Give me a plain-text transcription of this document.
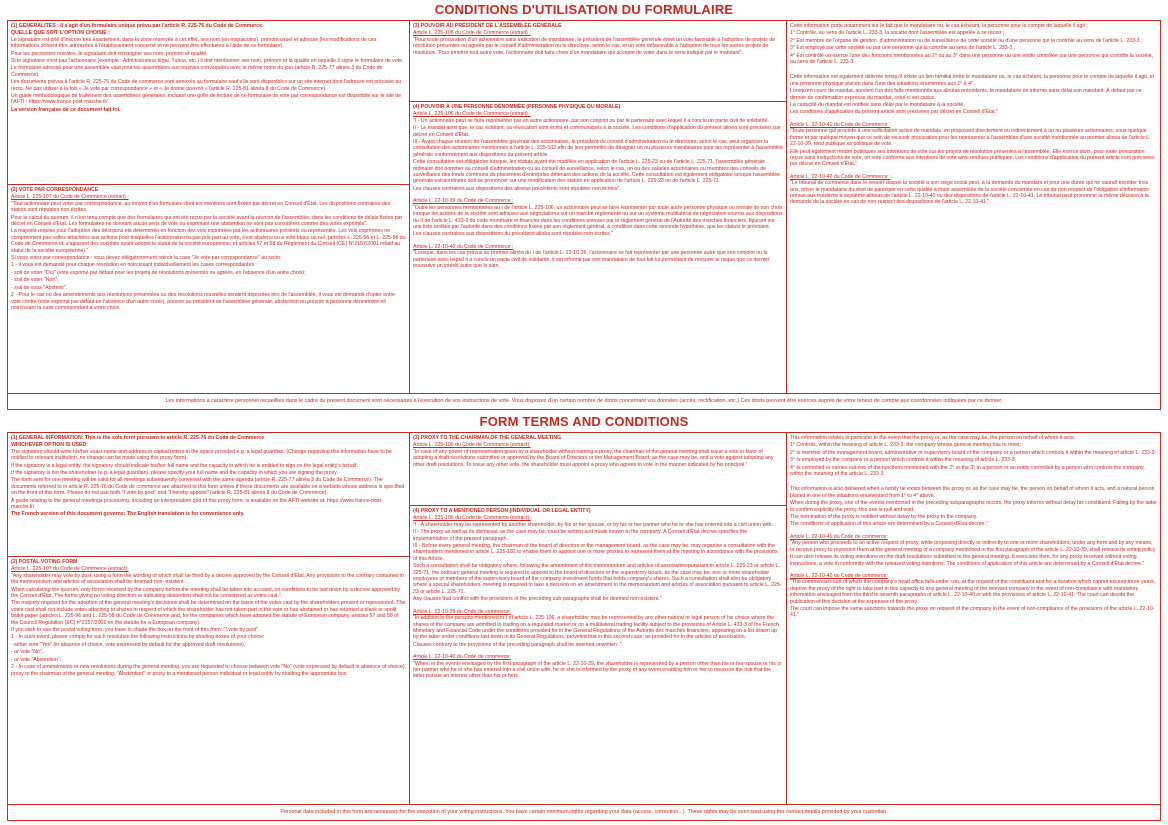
CONDITIONS D'UTILISATION DU FORMULAIRE
(1) GENERALITES : Il s'agit d'un formulaire unique prévu par l'article R. 225-76 du Code de Commerce.
QUELLE QUE SOIT L'OPTION CHOISIE :

Le signataire est prié d'inscrire très exactement, dans la zone réservée à cet effet, ses nom (en majuscules), prénom usuel et adresse (les modifications de ces informations doivent être adressées à l'établissement concerné et ne peuvent être effectuées à l'aide de ce formulaire).

Pour les personnes morales, le signataire doit renseigner ses nom, prénom et qualité.

Si le signataire n'est pas l'actionnaire (exemple : Administrateur légal, Tuteur, etc.) il doit mentionner ses nom, prénom et la qualité en laquelle il signe le formulaire de vote.

Le formulaire adressé pour une assemblée vaut pour les assemblées successives convoquées avec le même ordre du jour (article R. 225-77 alinéa 3 du Code de Commerce).

Les documents prévus à l'article R. 225-76 du Code de commerce sont annexés au formulaire sauf s'ils sont disponibles sur un site internet dont l'adresse est précisée au recto. Ne pas utiliser à la fois « Je vote par correspondance » et « Je donne pouvoir » (article R. 225-81 alinéa 8 du Code de Commerce).

Un guide méthodologique de traitement des assemblées générales, incluant une grille de lecture de ce formulaire de vote par correspondance est disponible sur le site de l'AFTI : https://www.france-post-marche.fr/

La version française de ce document fait foi.

(2) VOTE PAR CORRESPONDANCE
Article L. 225-107 du Code de Commerce (extrait) :

"Tout actionnaire peut voter par correspondance, au moyen d'un formulaire dont les mentions sont fixées par décret en Conseil d'État. Les dispositions contraires des statuts sont réputées non écrites.

Pour le calcul du quorum, il n'est tenu compte que des formulaires qui ont été reçus par la société avant la réunion de l'assemblée, dans les conditions de délais fixées par décret en Conseil d'État. Les formulaires ne donnant aucun sens de vote ou exprimant une abstention ne sont pas considérés comme des votes exprimés".

La majorité requise pour l'adoption des décisions est déterminée en fonction des voix exprimées par les actionnaires présents ou représentés. Les voix exprimées ne comprennent pas celles attachées aux actions pour lesquelles l'actionnaire n'a pas pris part au vote, s'est abstenu ou a voté blanc ou nul. (articles L. 225-96 et L. 225-98 du Code de Commerce et, s'agissant des sociétés ayant adopté le statut de la société européenne, et articles 57 et 58 du Règlement du Conseil (CE) N°2157/2001 relatif au statut de la société européenne)."

Si vous votez par correspondance : vous devez obligatoirement noircir la case "Je vote par correspondance" au recto.

1 - il vous est demandé pour chaque résolution en noircissant individuellement les cases correspondantes :

- soit de voter "Oui" (vote exprimé par défaut pour les projets de résolutions présentés ou agréés, en l'absence d'un autre choix);

- soit de voter "Non";

- soit de vous "Abstenir".

2 - Pour le cas où des amendements aux résolutions présentées ou des résolutions nouvelles seraient déposées lors de l'assemblée, il vous est demandé d'opter entre vote contre (vote exprimé par défaut en l'absence d'un autre choix), pouvoir au président de l'assemblée générale, abstention ou pouvoir à personne dénommée en noircissant la case correspondant à votre choix.

(3) POUVOIR AU PRÉSIDENT DE L'ASSEMBLÉE GÉNÉRALE
Article L. 225-106 du Code de Commerce (extrait) :

"Pour toute procuration d'un actionnaire sans indication de mandataire, le président de l'assemblée générale émet un vote favorable à l'adoption de projets de résolution présentés ou agréés par le conseil d'administration ou le directoire, selon le cas, et un vote défavorable à l'adoption de tous les autres projets de résolution. Pour émettre tout autre vote, l'actionnaire doit faire choix d'un mandataire qui accepte de voter dans le sens indiqué par le mandant".

(4) POUVOIR À UNE PERSONNE DÉNOMMÉE (PERSONNE PHYSIQUE OU MORALE)
Article L. 225-106 du Code de Commerce (extrait) :

"I - Un actionnaire peut se faire représenter par un autre actionnaire, par son conjoint ou par le partenaire avec lequel il a conclu un pacte civil de solidarité.

II - Le mandat ainsi que, le cas échéant, sa révocation sont écrits et communiqués à la société. Les conditions d'application du présent alinéa sont précisées par décret en Conseil d'État.

III - Avant chaque réunion de l'assemblée générale des actionnaires, le président du conseil d'administration ou le directoire, selon le cas, peut organiser la consultation des actionnaires mentionnés à l'article L. 225-102 afin de leur permettre de désigner un ou plusieurs mandataires pour les représenter à l'assemblée générale conformément aux dispositions du présent article.

Cette consultation est obligatoire lorsque, les statuts ayant été modifiés en application de l'article L. 225-23 ou de l'article L. 225-71, l'assemblée générale ordinaire doit nommer au conseil d'administration ou au conseil de surveillance, selon le cas, un ou des salariés actionnaires ou membres des conseils de surveillance des fonds communs de placement d'entreprise détenant des actions de la société. Cette consultation est également obligatoire lorsque l'assemblée générale extraordinaire doit se prononcer sur une modification des statuts en application de l'article L. 225-23 ou de l'article L. 225-71.

Les clauses contraires aux dispositions des alinéas précédents sont réputées non écrites".

Article L. 22-10-39 du Code de Commerce :

"Outre les personnes mentionnées au I de l'article L. 225-106, un actionnaire peut se faire représenter par toute autre personne physique ou morale de son choix lorsque les actions de la société sont admises aux négociations sur un marché réglementé ou sur un système multilatéral de négociation soumis aux dispositions du II de l'article L. 433-3 du code monétaire et financier dans les conditions prévues par le règlement général de l'Autorité des marchés financiers, figurant sur une liste arrêtée par l'autorité dans des conditions fixées par son règlement général, à condition dans cette seconde hypothèse, que les statuts le prévoient.

Les clauses contraires aux dispositions du précédent alinéa sont réputées non écrites."

Article L. 22-10-40 du Code de Commerce :

"Lorsque, dans les cas prévus au premier alinéa du I de l'article L. 22-10-39, l'actionnaire se fait représenter par une personne autre que son conjoint ou le partenaire avec lequel il a conclu un pacte civil de solidarité, il est informé par son mandataire de tout fait lui permettant de mesurer le risque que ce dernier poursuive un intérêt autre que le sien.

Cette information porte notamment sur le fait que le mandataire ou, le cas échéant, la personne pour le compte de laquelle il agit :

1° Contrôle, au sens de l'article L. 233-3, la société dont l'assemblée est appelée à se réunir ;

2° Est membre de l'organe de gestion, d'administration ou de surveillance de cette société ou d'une personne qui la contrôle au sens de l'article L. 233-3 ;

3° Est employé par cette société ou par une personne qui la contrôle au sens de l'article L. 233-3 ;

4° Est contrôlé ou exerce l'une des fonctions mentionnées au 2° ou au 3° dans une personne ou une entité contrôlée par une personne qui contrôle la société, au sens de l'article L. 233-3.

Cette information est également délivrée lorsqu'il existe un lien familial entre le mandataire ou, le cas échéant, la personne pour le compte de laquelle il agit, et une personne physique placée dans l'une des situations énumérées aux 1° à 4°.

Lorsqu'en cours de mandat, survient l'un des faits mentionnés aux alinéas précédents, le mandataire en informe sans délai son mandant. À défaut par ce dernier de confirmation expresse du mandat, celui-ci est caduc.

La caducité du mandat est notifiée sans délai par le mandataire à la société.

Les conditions d'application du présent article sont précisées par décret en Conseil d'État."

Article L. 22-10-41 du Code de Commerce :

"Toute personne qui procède à une sollicitation active de mandats, en proposant directement ou indirectement à un ou plusieurs actionnaires, sous quelque forme et par quelque moyen que ce soit, de recevoir procuration pour les représenter à l'assemblée d'une société mentionnée au premier alinéa de l'article L. 22-10-39, rend publique sa politique de vote.

Elle peut également rendre publiques ses intentions de vote sur les projets de résolution présentés à l'assemblée. Elle exerce alors, pour toute procuration reçue sans instructions de vote, un vote conforme aux intentions de vote ainsi rendues publiques. Les conditions d'application du présent article sont précisées par décret en Conseil d'État."

Article L. 22-10-42 du Code de Commerce :

"Le tribunal de commerce dans le ressort duquel la société a son siège social peut, à la demande du mandant et pour une durée qui ne saurait excéder trois ans, priver le mandataire du droit de participer en cette qualité à toute assemblée de la société concernée en cas de non-respect de l'obligation d'information prévue aux troisième à septième alinéas de l'article L. 22-10-40 ou des dispositions de l'article L. 22-10-41. Le tribunal peut prononcer la même décision à la demande de la société en cas de non-respect des dispositions de l'article L. 22-10-41."

Les informations à caractère personnel recueillies dans le cadre du présent document sont nécessaires à l'exécution de vos instructions de vote. Vous disposez d'un certain nombre de droits concernant vos données (accès, rectification, etc.) Ces droits peuvent être exercés auprès de votre teneur de compte aux coordonnées indiquées par ce dernier.
FORM TERMS AND CONDITIONS
(1) GENERAL INFORMATION: This is the sole form pursuant to article R. 225-76 du Code de Commerce
WHICHEVER OPTION IS USED:

The signatory should write his/her exact name and address in capital letters in the space provided e.g. a legal guardian: (Change regarding this information have to be notified to relevant institution, no change can be made using this proxy form).

If the signatory is a legal entity, the signatory should indicate his/her full name and the capacity in which he is entitled to sign on the legal entity's behalf.

If the signatory is not the shareholder (e.g. a legal guardian), please specify your full name and the capacity in which you are signing the proxy.

The form sent for one meeting will be valid for all meetings subsequently convened with the same agenda (article R. 225-77 alinéa 3 du Code de Commerce). The documents referred to in article R. 225-76 du Code de commerce are attached to this form unless if these documents are available on a website whose address is specified on the front of this form. Please do not use both "I vote by post" and "I hereby appoint" (article R. 225-81 alinéa 8 du Code de Commerce).

A guide relating to the general meetings processing, including an interpretation grid of this proxy form, is available on the AFTI website at: https://www.france-post-marche.fr/

The French version of this document governs; The English translation is for convenience only.

(2) POSTAL VOTING FORM
Article L. 225-107 du Code de Commerce (extract):

"Any shareholder may vote by post, using a form the wording of which shall be fixed by a decree approved by the Conseil d'Etat. Any provisions to the contrary contained in the memorandum and articles of association shall be deemed non- existent.

When calculating the quorum, only forms received by the company before the meeting shall be taken into account, on conditions to be laid down by a decree approved by the Conseil d'État. The forms giving no voting direction or indicating abstention shall not be considered as votes cast."

The majority required for the adoption of the general meeting's decisions shall be determined on the basis of the votes cast by the shareholders present or represented. The votes cast shall not include votes attaching to shares in respect of which the shareholder has not taken part in the vote or has abstained or has returned a blank or spoilt ballot paper (articles L. 225-96 and L. 225-98 du Code de Commerce and, for the companies which have adopted the statute of European company, articles 57 and 58 of the Council Regulation (EC) n°2157/2001 on the statute for a European company).

If you wish to use the postal voting form, you have to shade the box on the front of this form: "I vote by post".

1 - In such event, please comply for each resolution the following instructions by shading boxes of your choice:

- either vote "Yes" (in absence of choice, vote expressed by default for the approved draft resolutions),

- or vote "No",

- or vote "Abstention".

2 - In case of amendments or new resolutions during the general meeting, you are requested to choose between vote "No" (vote expressed by default in absence of choice), proxy to the chairman of the general meeting, "Abstention" or proxy to a mentioned person individual or legal entity by shading the appropriate box.

(3) PROXY TO THE CHAIRMAN OF THE GENERAL MEETING
Article L. 225-106 du Code de Commerce (extract):

"In case of any power of representation given by a shareholder without naming a proxy, the chairman of the general meeting shall issue a vote in favor of adopting a draft resolutions submitted or approved by the Board of Directors or the Management Board, as the case may be, and a vote against adopting any other draft resolutions. To issue any other vote, the shareholder must appoint a proxy who agrees to vote in the manner indicated by his principal."

(4) PROXY TO A MENTIONED PERSON (INDIVIDUAL OR LEGAL ENTITY)
Article L. 225-106 du Code de Commerce (extract):

"I - A shareholder may be represented by another shareholder, by his or her spouse, or by his or her partner who he or she has entered into a civil union with.

II - The proxy as well as its dismissal, as the case may be, must be written and made known to the company. A Conseil d'État decree specifies the implementation of the present paragraph.

III - Before every general meeting, the chairman of the board of directors or the management board, as the case may be, may organise a consultation with the shareholders mentioned in article L. 225-102 to enable them to appoint one or more proxies to represent them at the meeting in accordance with the provisions of this Article.

Such a consultation shall be obligatory where, following the amendment of the memorandum and articles of association pursuant to article L. 225-23 or article L. 225-71, the ordinary general meeting is required to appoint to the board of directors or the supervisory board, as the case may be, one or more shareholder employees or members of the supervisory board of the company investment funds that holds company's shares. Such a consultation shall also be obligatory where a special shareholders' meeting is required to take a decision on an amendment to the memorandum and articles of association pursuant to article L. 225-23 or article L. 225-71.

Any clauses that conflict with the provisions of the preceding sub-paragraphs shall be deemed non-existent."

Article L. 22-10-39 du Code de commerce:

"In addition to the persons mentioned in I of article L. 225-106, a shareholder may be represented by any other natural or legal person of his choice where the shares of the company are admitted to trading on a regulated market or on a multilateral trading facility subject to the provisions of Article L. 433-3 of the French Monetary and Financial Code under the conditions provided for in the General Regulations of the Autorité des marchés financiers, appearing on a list drawn up by the latter under conditions laid down in its General Regulations, provided that in this second case, as provided for in the articles of association.

Clauses contrary to the provisions of the preceding paragraph shall be deemed unwritten ."

Article L. 22-10-40 du Code de commerce:

"When, in the events envisaged by the first paragraph of the article L. 22-10-39, the shareholder is represented by a person other than his or her spouse or his or her partner who he or she has entered into a civil union with, he or she is informed by the proxy of any event enabling him or her to measure the risk that the latter pursue an interest other than his or hers.

This information relates in particular to the event that the proxy or, as the case may be, the person on behalf of whom it acts:

1° Controls, within the meaning of article L. 233-3, the company whose general meeting has to meet;

2° Is member of the management board, administrative or supervisory board of the company or a person which controls it within the meaning of article L. 233-3;

3° Is employed by the company or a person which controls it within the meaning of article L. 233-3;

4° Is controlled or carries out one of the functions mentioned with the 2° or the 3° in a person or an entity controlled by a person who controls the company, within the meaning of the article L. 233-3.

This information is also delivered when a family tie exists between the proxy or, as the case may be, the person on behalf of whom it acts, and a natural person placed in one of the situations enumerated from 1° to 4° above.

When during the proxy, one of the events mentioned in the preceding subparagraphs occurs, the proxy informs without delay his constituent. Failing by the latter to confirm explicitly the proxy, this one is null and void.

The termination of the proxy is notified without delay by the proxy to the company.

The conditions of application of this article are determined by a Conseil d'État decree."

Article L. 22-10-41 du Code de commerce:

"Any person who proceeds to an active request of proxy, while proposing directly or indirectly to one or more shareholders, under any form and by any means, to receive proxy to represent them at the general meeting of a company mentioned in the first paragraph of the article L. 22-10-39, shall release its voting policy.

It can also release its voting intentions on the draft resolutions submitted to the general meeting. It exercises then, for any proxy received without voting instructions, a vote in conformity with the released voting intentions. The conditions of application of this article are determined by a Conseil d'État decree."

Article L. 22-10-42 du Code de commerce:

"The commercial court of which the company's head office falls under can, at the request of the constituent and for a duration which cannot exceed three years, deprive the proxy of the right to take part in this capacity to any general meeting of the relevant company in the event of non-compliance with mandatory information envisaged from the third to seventh paragraphs of article L. 22-10-40 or with the provisions of article L. 22-10-41. The court can decide the publication of this decision at the expenses of the proxy.

The court can impose the same sanctions towards the proxy on request of the company in the event of non-compliance of the provisions of the article L. 22-10-41."

Personal data included in this form are necessary for the execution of your voting instructions. You have certain minimum rights regarding your data (access, correction...). These rights may be exercised using the contact details provided by your custodian.
